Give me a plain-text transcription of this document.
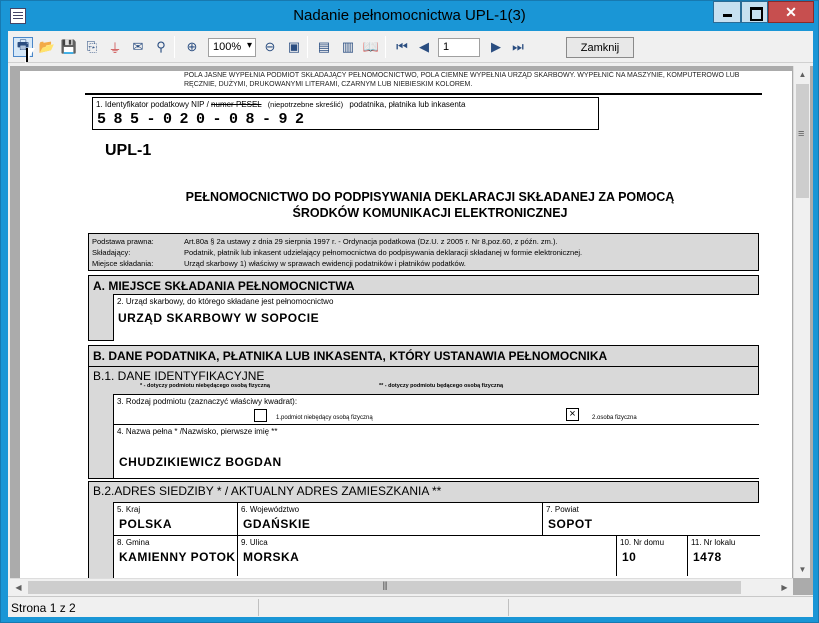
Nadanie pełnomocnictwa UPL-1(3)
✕
🖶 📂 💾 ⎘ ⏚ ✉ ⚲	⊕	100% ▾	⊖ ▣ ▤ ▥ 📖	⏮ ◀	1	▶ ⏭	Zamknij
POLA JASNE WYPEŁNIA PODMIOT SKŁADAJĄCY PEŁNOMOCNICTWO, POLA CIEMNE WYPEŁNIA URZĄD SKARBOWY. WYPEŁNIĆ NA MASZYNIE, KOMPUTEROWO LUB RĘCZNIE, DUŻYMI, DRUKOWANYMI LITERAMI, CZARNYM LUB NIEBIESKIM KOLOREM.
1. Identyfikator podatkowy NIP / numer PESEL (niepotrzebne skreślić) podatnika, płatnika lub inkasenta
585-020-08-92
UPL-1
PEŁNOMOCNICTWO DO PODPISYWANIA DEKLARACJI SKŁADANEJ ZA POMOCĄ
ŚRODKÓW KOMUNIKACJI ELEKTRONICZNEJ
Podstawa prawna:
Składający:
Miejsce składania:
Art.80a § 2a ustawy z dnia 29 sierpnia 1997 r. - Ordynacja podatkowa (Dz.U. z 2005 r. Nr 8,poz.60, z późn. zm.).
Podatnik, płatnik lub inkasent udzielający pełnomocnictwa do podpisywania deklaracji składanej w formie elektronicznej.
Urząd skarbowy 1) właściwy w sprawach ewidencji podatników i płatników podatków.
A. MIEJSCE SKŁADANIA PEŁNOMOCNICTWA
2. Urząd skarbowy, do którego składane jest pełnomocnictwo
URZĄD SKARBOWY W SOPOCIE
B. DANE PODATNIKA, PŁATNIKA LUB INKASENTA, KTÓRY USTANAWIA PEŁNOMOCNIKA
B.1. DANE IDENTYFIKACYJNE
* - dotyczy podmiotu niebędącego osobą fizyczną	** - dotyczy podmiotu będącego osobą fizyczną
3. Rodzaj podmiotu (zaznaczyć właściwy kwadrat):
1.podmiot niebędący osobą fizyczną	×	2.osoba fizyczna
4. Nazwa pełna * /Nazwisko, pierwsze imię **
CHUDZIKIEWICZ BOGDAN
B.2.ADRES SIEDZIBY * / AKTUALNY ADRES ZAMIESZKANIA **
5. Kraj
POLSKA
6. Województwo
GDAŃSKIE
7. Powiat
SOPOT
8. Gmina
KAMIENNY POTOK
9. Ulica
MORSKA
10. Nr domu
10
11. Nr lokalu
1478
▲
≡
▼
◀
|||	▶
Strona 1 z 2
